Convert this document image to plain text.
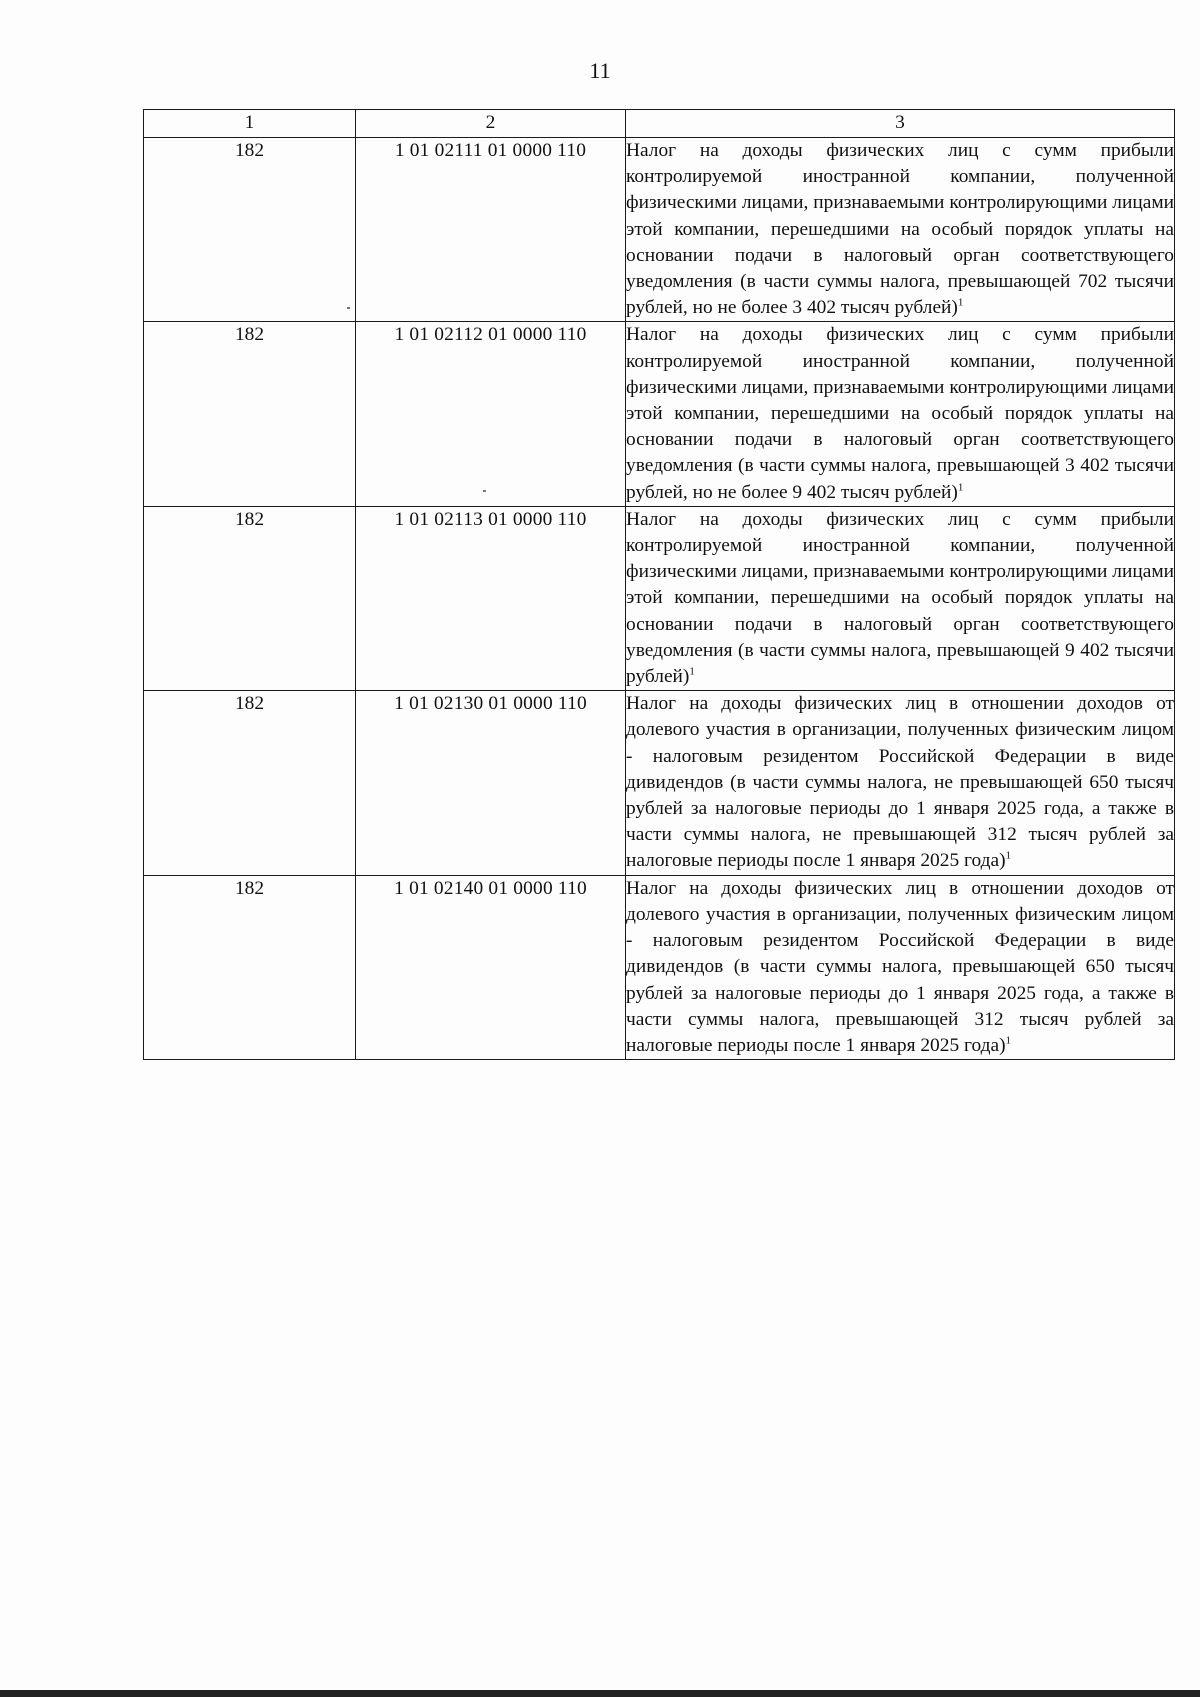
11
1	2	3
182	1 01 02111 01 0000 110	Налог на доходы физических лиц с сумм прибыли контролируемой иностранной компании, полученной физическими лицами, признаваемыми контролирующими лицами этой компании, перешедшими на особый порядок уплаты на основании подачи в налоговый орган соответствующего уведомления (в части суммы налога, превышающей 702 тысячи рублей, но не более 3 402 тысяч рублей)$^1$
182	1 01 02112 01 0000 110	Налог на доходы физических лиц с сумм прибыли контролируемой иностранной компании, полученной физическими лицами, признаваемыми контролирующими лицами этой компании, перешедшими на особый порядок уплаты на основании подачи в налоговый орган соответствующего уведомления (в части суммы налога, превышающей 3 402 тысячи рублей, но не более 9 402 тысяч рублей)$^1$
182	1 01 02113 01 0000 110	Налог на доходы физических лиц с сумм прибыли контролируемой иностранной компании, полученной физическими лицами, признаваемыми контролирующими лицами этой компании, перешедшими на особый порядок уплаты на основании подачи в налоговый орган соответствующего уведомления (в части суммы налога, превышающей 9 402 тысячи рублей)$^1$
182	1 01 02130 01 0000 110	Налог на доходы физических лиц в отношении доходов от долевого участия в организации, полученных физическим лицом - налоговым резидентом Российской Федерации в виде дивидендов (в части суммы налога, не превышающей 650 тысяч рублей за налоговые периоды до 1 января 2025 года, а также в части суммы налога, не превышающей 312 тысяч рублей за налоговые периоды после 1 января 2025 года)$^1$
182	1 01 02140 01 0000 110	Налог на доходы физических лиц в отношении доходов от долевого участия в организации, полученных физическим лицом - налоговым резидентом Российской Федерации в виде дивидендов (в части суммы налога, превышающей 650 тысяч рублей за налоговые периоды до 1 января 2025 года, а также в части суммы налога, превышающей 312 тысяч рублей за налоговые периоды после 1 января 2025 года)$^1$
